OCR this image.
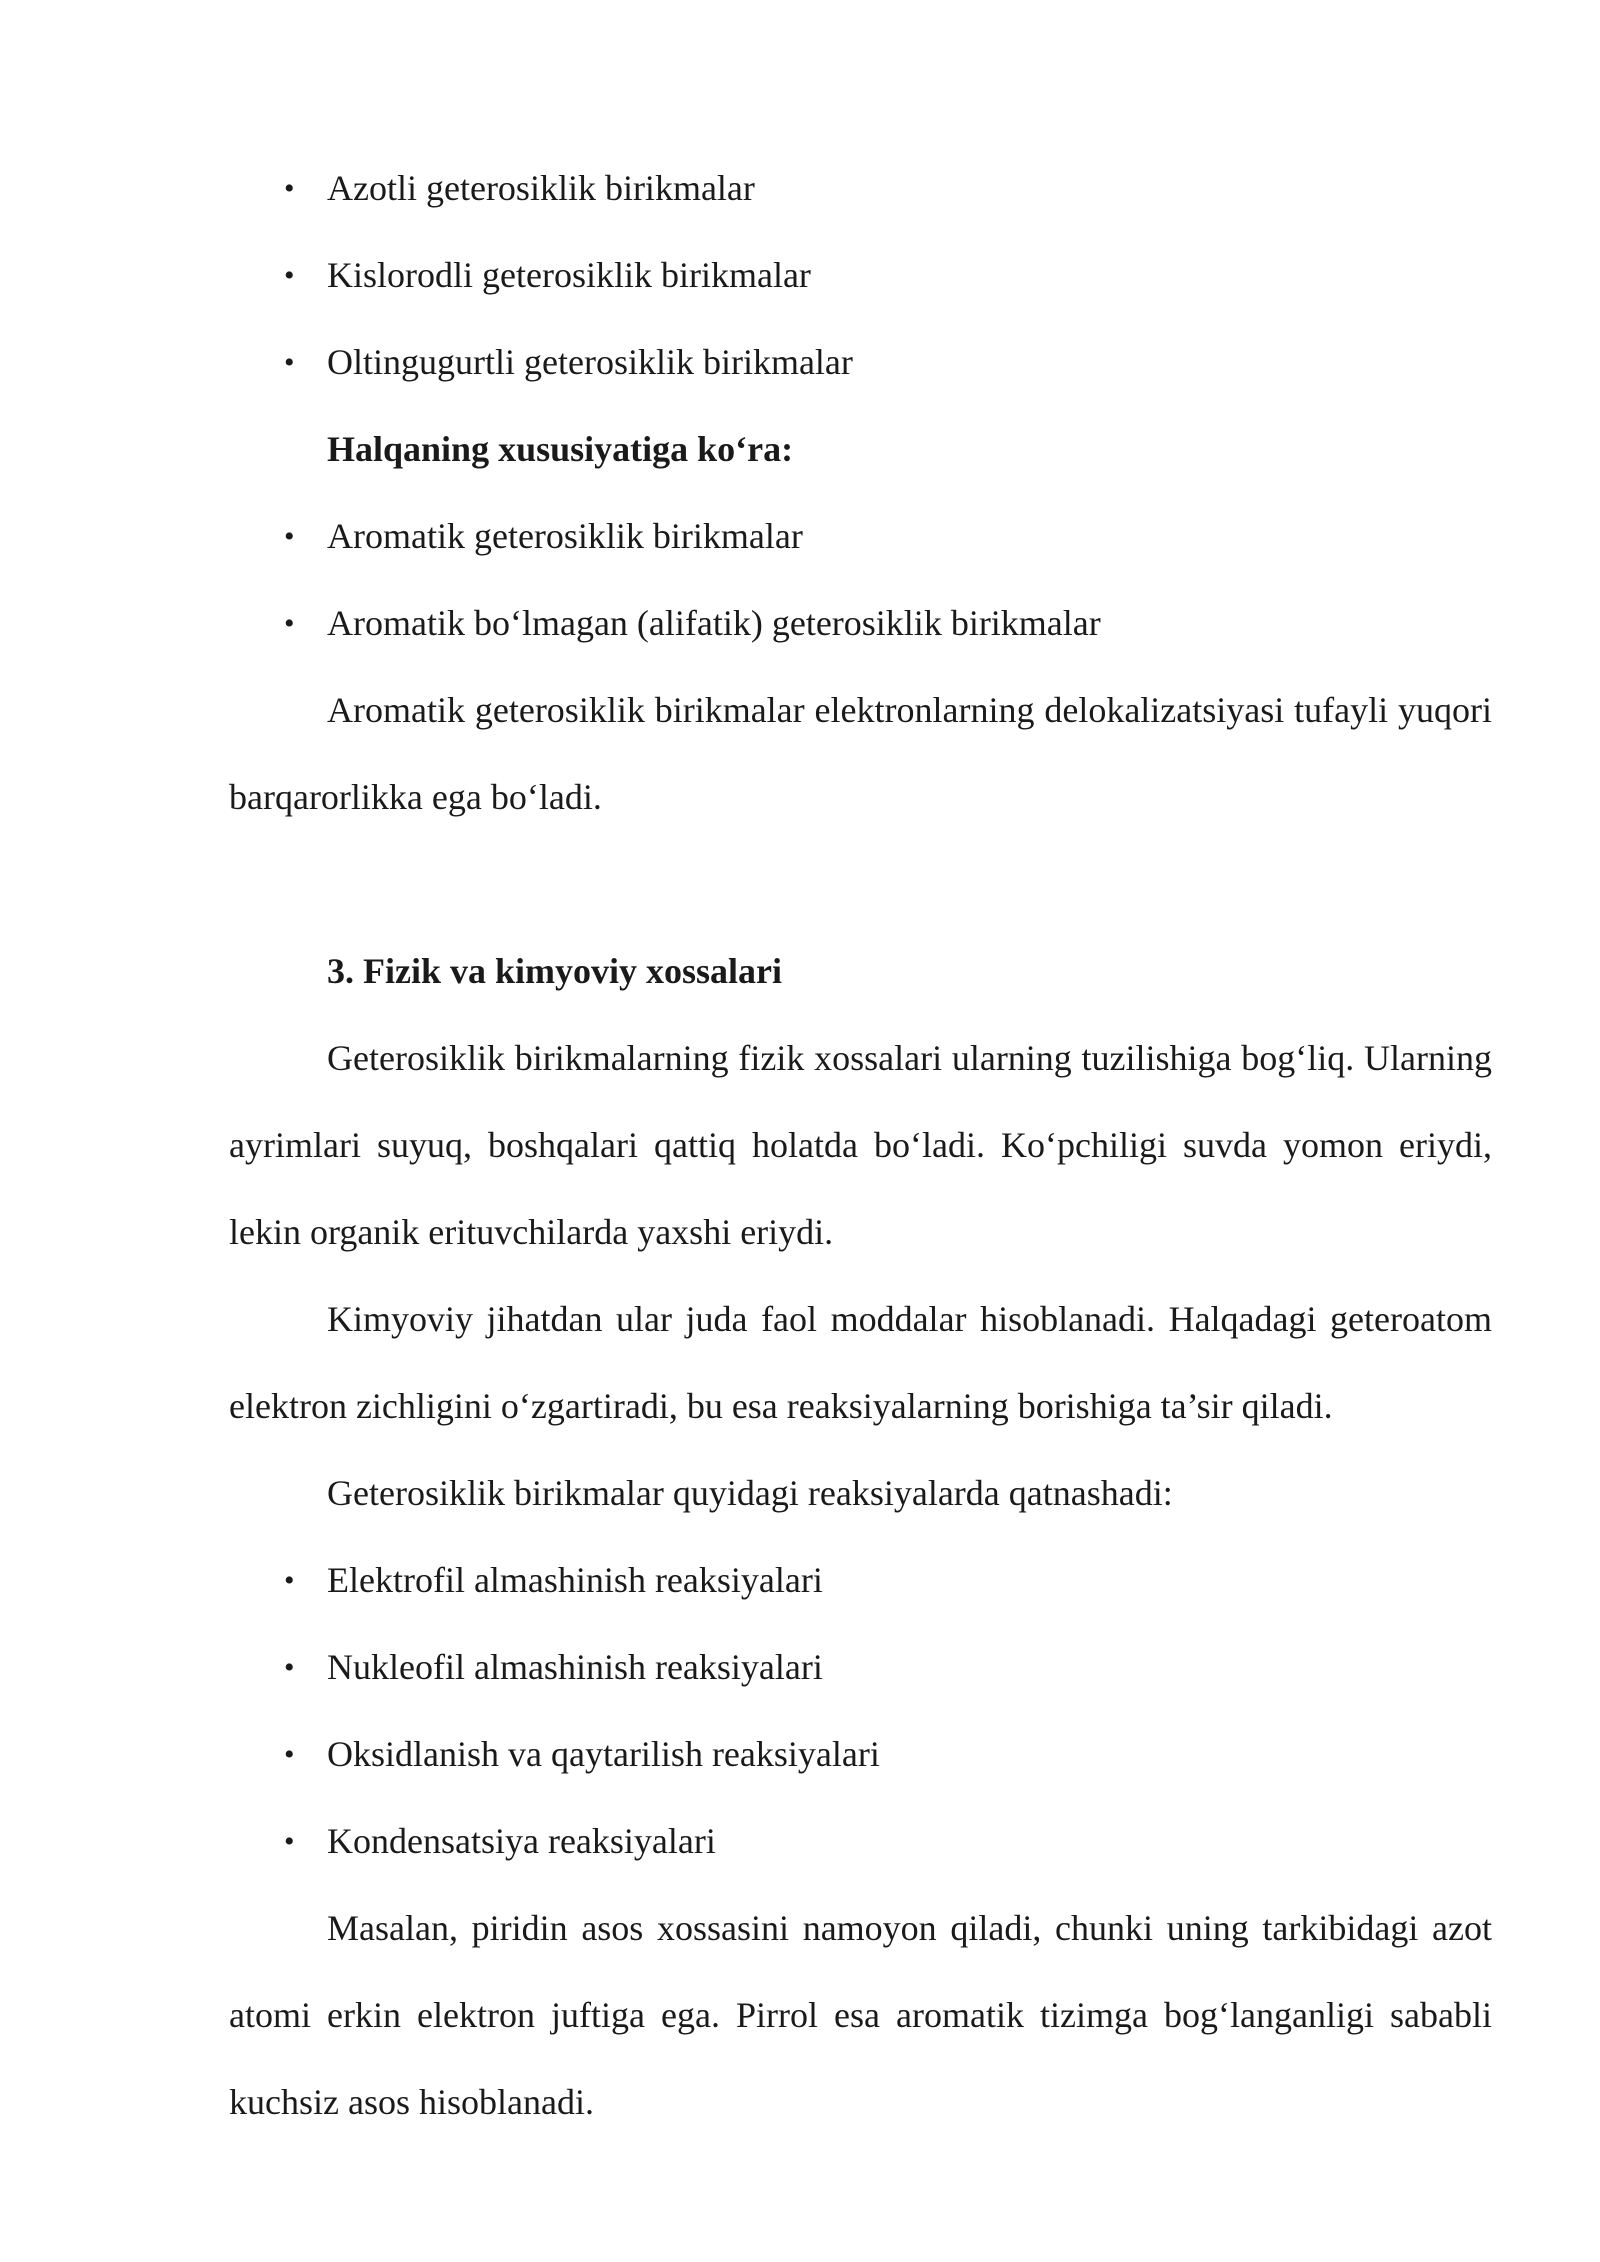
• Azotli geterosiklik birikmalar
• Kislorodli geterosiklik birikmalar
• Oltingugurtli geterosiklik birikmalar
Halqaning xususiyatiga ko‘ra:
• Aromatik geterosiklik birikmalar
• Aromatik bo‘lmagan (alifatik) geterosiklik birikmalar

Aromatik geterosiklik birikmalar elektronlarning delokalizatsiyasi tufayli yuqori barqarorlikka ega bo‘ladi.

3. Fizik va kimyoviy xossalari

Geterosiklik birikmalarning fizik xossalari ularning tuzilishiga bog‘liq. Ularning ayrimlari suyuq, boshqalari qattiq holatda bo‘ladi. Ko‘pchiligi suvda yomon eriydi, lekin organik erituvchilarda yaxshi eriydi.

Kimyoviy jihatdan ular juda faol moddalar hisoblanadi. Halqadagi geteroatom elektron zichligini o‘zgartiradi, bu esa reaksiyalarning borishiga ta’sir qiladi.

Geterosiklik birikmalar quyidagi reaksiyalarda qatnashadi:

• Elektrofil almashinish reaksiyalari
• Nukleofil almashinish reaksiyalari
• Oksidlanish va qaytarilish reaksiyalari
• Kondensatsiya reaksiyalari

Masalan, piridin asos xossasini namoyon qiladi, chunki uning tarkibidagi azot atomi erkin elektron juftiga ega. Pirrol esa aromatik tizimga bog‘langanligi sababli kuchsiz asos hisoblanadi.
